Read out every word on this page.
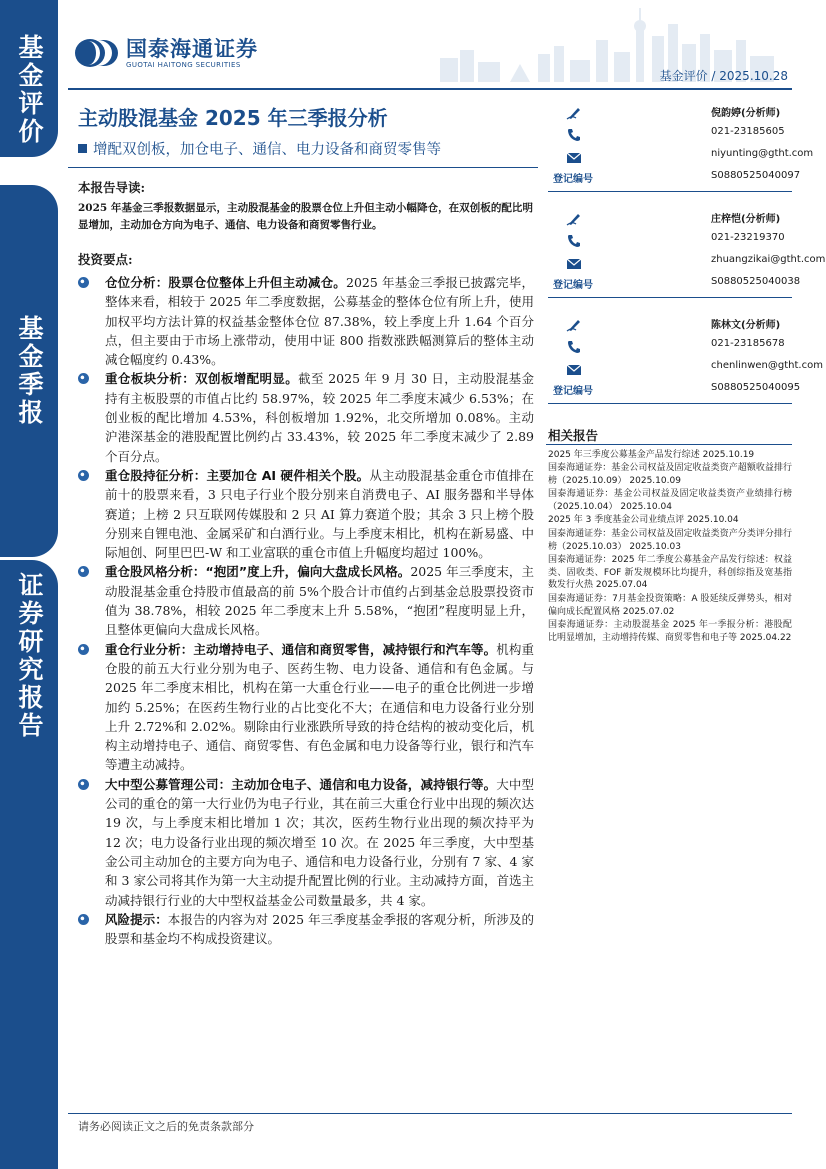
基金评价
基金季报
证券研究报告
国泰海通证券
GUOTAI HAITONG SECURITIES
基金评价 / 2025.10.28
主动股混基金 2025 年三季报分析
增配双创板，加仓电子、通信、电力设备和商贸零售等
本报告导读:

2025 年基金三季报数据显示，主动股混基金的股票仓位上升但主动小幅降仓，在双创板的配比明显增加，主动加仓方向为电子、通信、电力设备和商贸零售行业。

投资要点:
仓位分析：股票仓位整体上升但主动减仓。2025 年基金三季报已披露完毕，整体来看，相较于 2025 年二季度数据，公募基金的整体仓位有所上升，使用加权平均方法计算的权益基金整体仓位 87.38%，较上季度上升 1.64 个百分点，但主要由于市场上涨带动，使用中证 800 指数涨跌幅测算后的整体主动减仓幅度约 0.43%。
重仓板块分析：双创板增配明显。截至 2025 年 9 月 30 日，主动股混基金持有主板股票的市值占比约 58.97%，较 2025 年二季度末减少 6.53%；在创业板的配比增加 4.53%，科创板增加 1.92%，北交所增加 0.08%。主动沪港深基金的港股配置比例约占 33.43%，较 2025 年二季度末减少了 2.89 个百分点。
重仓股持征分析：主要加仓 AI 硬件相关个股。从主动股混基金重仓市值排在前十的股票来看，3 只电子行业个股分别来自消费电子、AI 服务器和半导体赛道；上榜 2 只互联网传媒股和 2 只 AI 算力赛道个股；其余 3 只上榜个股分别来自锂电池、金属采矿和白酒行业。与上季度末相比，机构在新易盛、中际旭创、阿里巴巴-W 和工业富联的重仓市值上升幅度均超过 100%。
重仓股风格分析：“抱团”度上升，偏向大盘成长风格。2025 年三季度末，主动股混基金重仓持股市值最高的前 5%个股合计市值约占到基金总股票投资市值为 38.78%，相较 2025 年二季度末上升 5.58%，“抱团”程度明显上升，且整体更偏向大盘成长风格。
重仓行业分析：主动增持电子、通信和商贸零售，减持银行和汽车等。机构重仓股的前五大行业分别为电子、医药生物、电力设备、通信和有色金属。与 2025 年二季度末相比，机构在第一大重仓行业——电子的重仓比例进一步增加约 5.25%；在医药生物行业的占比变化不大；在通信和电力设备行业分别上升 2.72%和 2.02%。剔除由行业涨跌所导致的持仓结构的被动变化后，机构主动增持电子、通信、商贸零售、有色金属和电力设备等行业，银行和汽车等遭主动减持。
大中型公募管理公司：主动加仓电子、通信和电力设备，减持银行等。大中型公司的重仓的第一大行业仍为电子行业，其在前三大重仓行业中出现的频次达 19 次，与上季度末相比增加 1 次；其次，医药生物行业出现的频次持平为 12 次；电力设备行业出现的频次增至 10 次。在 2025 年三季度，大中型基金公司主动加仓的主要方向为电子、通信和电力设备行业，分别有 7 家、4 家和 3 家公司将其作为第一大主动提升配置比例的行业。主动减持方面，首选主动减持银行行业的大中型权益基金公司数量最多，共 4 家。
风险提示：本报告的内容为对 2025 年三季度基金季报的客观分析，所涉及的股票和基金均不构成投资建议。
倪韵婷(分析师)
021-23185605
niyunting@gtht.com
登记编号	S0880525040097
庄梓恺(分析师)
021-23219370
zhuangzikai@gtht.com
登记编号	S0880525040038
陈林文(分析师)
021-23185678
chenlinwen@gtht.com
登记编号	S0880525040095
相关报告
2025 年三季度公募基金产品发行综述 2025.10.19
国泰海通证券：基金公司权益及固定收益类资产超额收益排行榜（2025.10.09） 2025.10.09
国泰海通证券：基金公司权益及固定收益类资产业绩排行榜（2025.10.04） 2025.10.04
2025 年 3 季度基金公司业绩点评 2025.10.04
国泰海通证券：基金公司权益及固定收益类资产分类评分排行榜（2025.10.03） 2025.10.03
国泰海通证券：2025 年二季度公募基金产品发行综述：权益类、固收类、FOF 新发规模环比均提升，科创综指及宽基指数发行火热 2025.07.04
国泰海通证券：7月基金投资策略：A 股延续反弹势头，相对偏向成长配置风格 2025.07.02
国泰海通证券：主动股混基金 2025 年一季报分析：港股配比明显增加，主动增持传媒、商贸零售和电子等 2025.04.22
请务必阅读正文之后的免责条款部分
